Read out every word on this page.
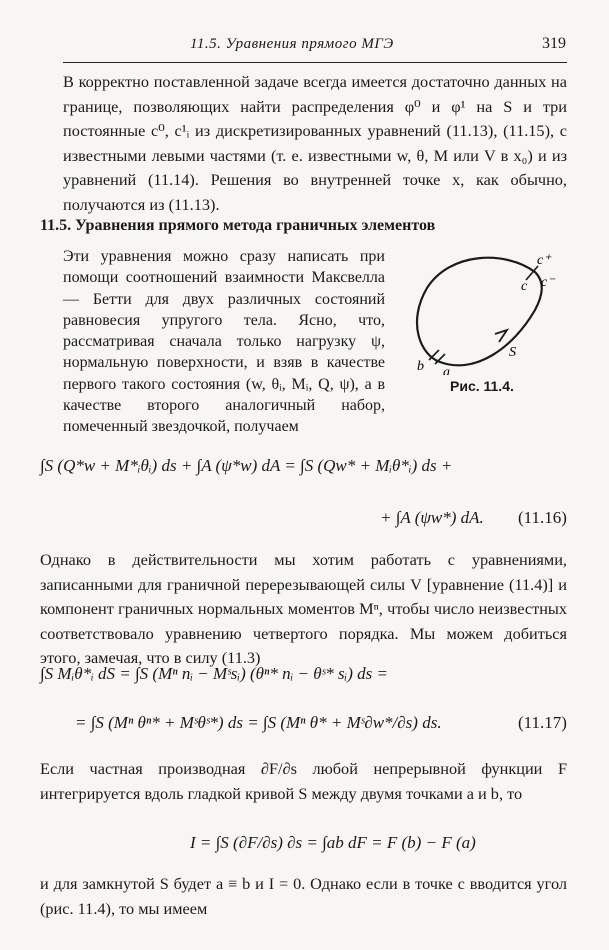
11.5. Уравнения прямого МГЭ	319

В корректно поставленной задаче всегда имеется достаточно данных на границе, позволяющих найти распределения φ⁰ и φ¹ на S и три постоянные c⁰, c¹ᵢ из дискретизированных уравнений (11.13), (11.15), с известными левыми частями (т. е. известными w, θ, M или V в x₀) и из уравнений (11.14). Решения во внутренней точке x, как обычно, получаются из (11.13).

11.5. Уравнения прямого метода граничных элементов

Эти уравнения можно сразу написать при помощи соотношений взаимности Максвелла — Бетти для двух различных состояний равновесия упругого тела. Ясно, что, рассматривая сначала только нагрузку ψ, нормальную поверхности, и взяв в качестве первого такого состояния (w, θᵢ, Mᵢ, Q, ψ), а в качестве второго аналогичный набор, помеченный звездочкой, получаем

c⁺
c c⁻
S
b a
Рис. 11.4.
∫S (Q*w + M*ᵢθᵢ) ds + ∫A (ψ*w) dA = ∫S (Qw* + Mᵢθ*ᵢ) ds +
+ ∫A (ψw*) dA. (11.16)

Однако в действительности мы хотим работать с уравнениями, записанными для граничной перерезывающей силы V [уравнение (11.4)] и компонент граничных нормальных моментов Mⁿ, чтобы число неизвестных соответствовало уравнению четвертого порядка. Мы можем добиться этого, замечая, что в силу (11.3)

∫S Mᵢθ*ᵢ dS = ∫S (Mⁿ nᵢ − Mˢsᵢ) (θⁿ* nᵢ − θˢ* sᵢ) ds =
= ∫S (Mⁿ θⁿ* + Mˢθˢ*) ds = ∫S (Mⁿ θ* + Mˢ∂w*/∂s) ds.	(11.17)

Если частная производная ∂F/∂s любой непрерывной функции F интегрируется вдоль гладкой кривой S между двумя точками a и b, то

I = ∫S (∂F/∂s) ∂s = ∫ab dF = F (b) − F (a)

и для замкнутой S будет a ≡ b и I = 0. Однако если в точке c вводится угол (рис. 11.4), то мы имеем
